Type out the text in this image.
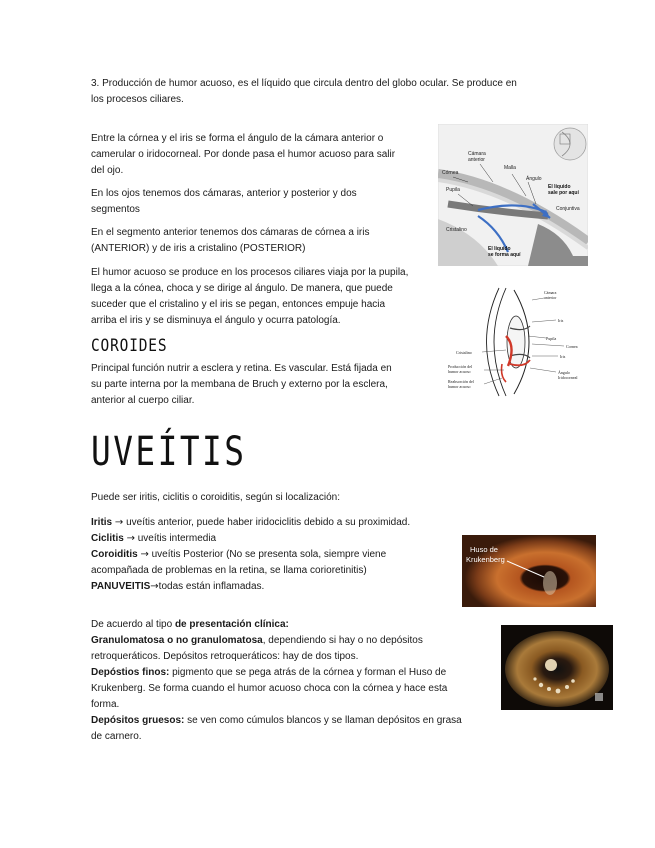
3. Producción de humor acuoso, es el líquido que circula dentro del globo ocular. Se produce en

los procesos ciliares.

Entre la córnea y el iris se forma el ángulo de la cámara anterior o

camerular o iridocorneal. Por donde pasa el humor acuoso para salir

del ojo.

En los ojos tenemos dos cámaras, anterior y posterior y dos

segmentos

En el segmento anterior tenemos dos cámaras de córnea a iris

(ANTERIOR) y de iris a cristalino (POSTERIOR)

El humor acuoso se produce en los procesos ciliares viaja por la pupila,

llega a la cónea, choca y se dirige al ángulo. De manera, que puede

suceder que el cristalino y el iris se pegan, entonces empuje hacia

arriba el iris y se disminuya el ángulo y ocurra patología.

Cámara
anterior
Malla
Córnea
Ángulo
Pupila	El líquido
sale por aquí
Conjuntiva
Cristalino
El líquido
se forma aquí
Cámara
anterior
Iris
Pupila
Cornea
Iris
Cristalino
Producción del
humor acuoso
Reabsorción del
humor acuoso
Ángulo
Iridocorneal
COROIDES

Principal función nutrir a esclera y retina. Es vascular. Está fijada en

su parte interna por la membana de Bruch y externo por la esclera,

anterior al cuerpo ciliar.

UVEÍTIS
Puede ser iritis, ciclitis o coroiditis, según si localización:

Iritis → uveítis anterior, puede haber iridociclitis debido a su proximidad.

Ciclitis → uveítis intermedia

Coroiditis → uveítis Posterior (No se presenta sola, siempre viene

acompañada de problemas en la retina, se llama corioretinitis)

PANUVEITIS→todas están inflamadas.

Huso de
Krukenberg

De acuerdo al tipo de presentación clínica:

Granulomatosa o no granulomatosa, dependiendo si hay o no depósitos

retroqueráticos. Depósitos retroqueráticos: hay de dos tipos.

Depóstios finos: pigmento que se pega atrás de la córnea y forman el Huso de

Krukenberg. Se forma cuando el humor acuoso choca con la córnea y hace esta

forma.

Depósitos gruesos: se ven como cúmulos blancos y se llaman depósitos en grasa

de carnero.
